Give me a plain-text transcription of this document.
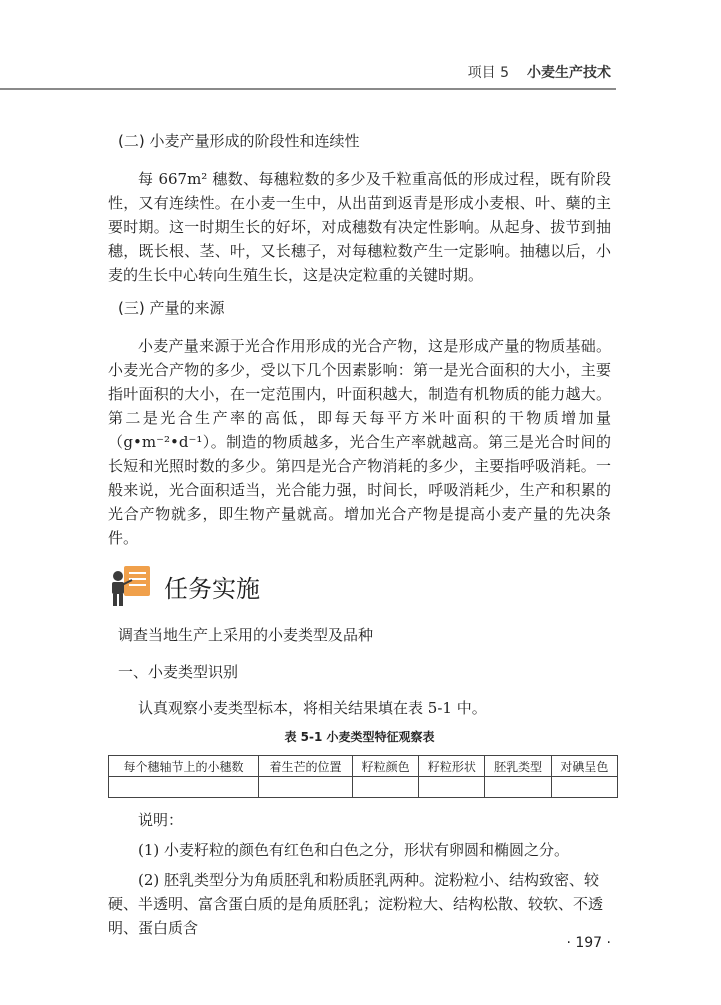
项目 5 小麦生产技术
(二) 小麦产量形成的阶段性和连续性

每 667m² 穗数、每穗粒数的多少及千粒重高低的形成过程，既有阶段性，又有连续性。在小麦一生中，从出苗到返青是形成小麦根、叶、蘖的主要时期。这一时期生长的好坏，对成穗数有决定性影响。从起身、拔节到抽穗，既长根、茎、叶，又长穗子，对每穗粒数产生一定影响。抽穗以后，小麦的生长中心转向生殖生长，这是决定粒重的关键时期。

(三) 产量的来源

小麦产量来源于光合作用形成的光合产物，这是形成产量的物质基础。小麦光合产物的多少，受以下几个因素影响：第一是光合面积的大小，主要指叶面积的大小，在一定范围内，叶面积越大，制造有机物质的能力越大。第二是光合生产率的高低，即每天每平方米叶面积的干物质增加量（g•m⁻²•d⁻¹）。制造的物质越多，光合生产率就越高。第三是光合时间的长短和光照时数的多少。第四是光合产物消耗的多少，主要指呼吸消耗。一般来说，光合面积适当，光合能力强，时间长，呼吸消耗少，生产和积累的光合产物就多，即生物产量就高。增加光合产物是提高小麦产量的先决条件。

任务实施
调查当地生产上采用的小麦类型及品种
一、小麦类型识别

认真观察小麦类型标本，将相关结果填在表 5-1 中。

表 5-1 小麦类型特征观察表
每个穗轴节上的小穗数	着生芒的位置	籽粒颜色	籽粒形状	胚乳类型	对碘呈色

说明：

(1) 小麦籽粒的颜色有红色和白色之分，形状有卵圆和椭圆之分。

(2) 胚乳类型分为角质胚乳和粉质胚乳两种。淀粉粒小、结构致密、较硬、半透明、富含蛋白质的是角质胚乳；淀粉粒大、结构松散、较软、不透明、蛋白质含

· 197 ·
